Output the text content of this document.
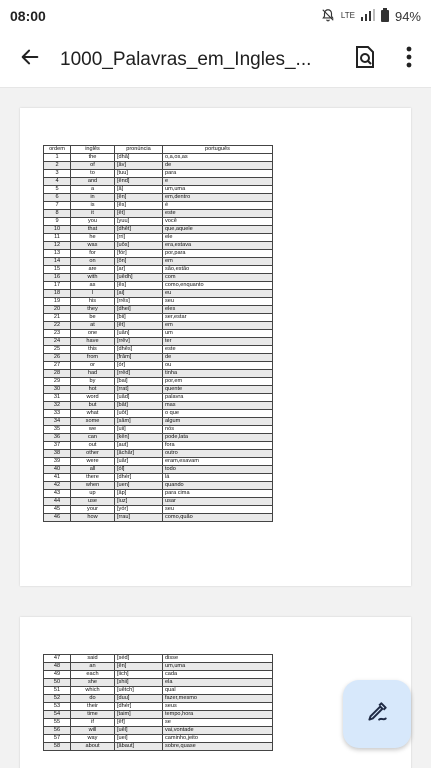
08:00	LTE	94%
1000_Palavras_em_Ingles_...
ordem	inglês	pronúncia	português
1	the	[dhâ]	o,a,os,as
2	of	[âv]	de
3	to	[tuu]	para
4	and	[ênd]	e
5	a	[â]	um,uma
6	in	[ên]	em,dentro
7	is	[ês]	é
8	it	[êt]	este
9	you	[yuu]	você
10	that	[dhêt]	que,aquele
11	he	[rri]	ele
12	was	[uôs]	era,estava
13	for	[fór]	por,para
14	on	[ôn]	em
15	are	[ar]	são,estão
16	with	[uêdh]	com
17	as	[ês]	como,enquanto
18	I	[ai]	eu
19	his	[rrês]	seu
20	they	[dhei]	eles
21	be	[bii]	ser,estar
22	at	[êt]	em
23	one	[uân]	um
24	have	[rrêv]	ter
25	this	[dhês]	este
26	from	[frâm]	de
27	or	[ór]	ou
28	had	[rrêd]	tinha
29	by	[bai]	por,em
30	hot	[rrat]	quente
31	word	[uâd]	palavra
32	but	[bât]	mas
33	what	[uôt]	o que
34	some	[sâm]	algum
35	we	[uii]	nós
36	can	[kên]	pode,lata
37	out	[aut]	fora
38	other	[âchâr]	outro
39	were	[uâr]	eram,esavam
40	all	[ól]	todo
41	there	[dhér]	lá
42	when	[uen]	quando
43	up	[âp]	para cima
44	use	[iuz]	usar
45	your	[yór]	seu
46	how	[rrau]	como,quão
47	said	[séd]	disse
48	an	[ên]	um,uma
49	each	[iich]	cada
50	she	[shii]	ela
51	which	[uêtch]	qual
52	do	[duu]	fazer,mesmo
53	their	[dhér]	seus
54	time	[taim]	tempo,hora
55	if	[êf]	se
56	will	[uêl]	vai,vontade
57	way	[uei]	caminho,jeito
58	about	[âbaut]	sobre,quase
